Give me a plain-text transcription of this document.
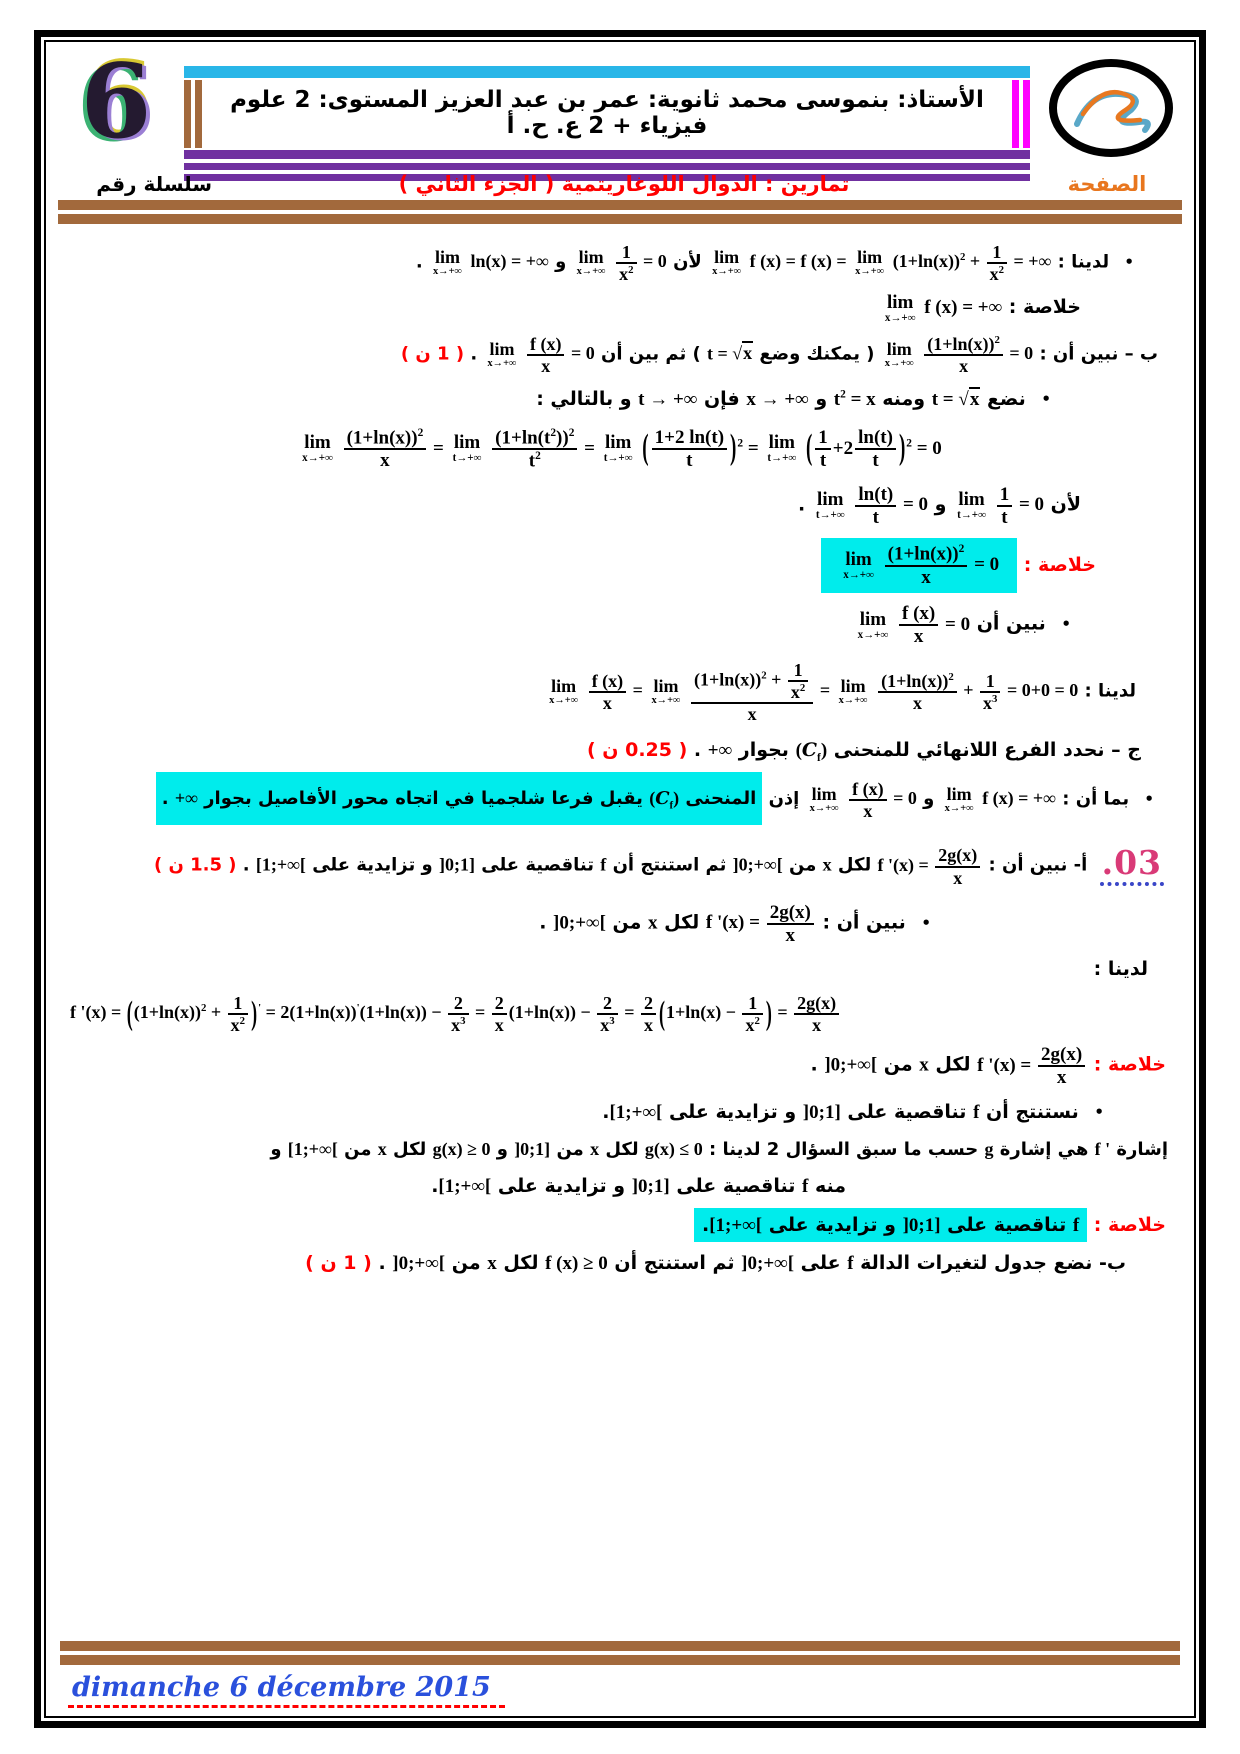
6	الأستاذ: بنموسى محمد ثانوية: عمر بن عبد العزيز المستوى: 2 علوم فيزياء + 2 ع. ح. أ
سلسلة رقم	تمارين : الدوال اللوغاريتمية ( الجزء الثاني )	الصفحة
• لدينا :
lim
x→+∞
f (x) = f (x) = lim
x→+∞
$(1+\ln(x))^2 + \frac{1}{x^2}$ = +∞ لأن
lim
x→+∞
$\frac{1}{x^2} = 0$ و
lim
x→+∞
ln(x) = +∞ .
خلاصة :
lim
x→+∞ f (x) = +∞
ب – نبين أن :
lim
x→+∞
$\frac{(1+\ln(x))^2}{x} = 0$ ( يمكنك وضع t = √x ) ثم بين أن
lim
x→+∞
$\frac{f (x)}{x} = 0$ . ( 1 ن )
• نضع t = √x ومنه $t^2 = x$ و x → +∞ فإن t → +∞ و بالتالي :
lim
x→+∞
$\frac{(1+\ln(x))^2}{x} = \lim$
t→+∞
$\frac{(1+\ln(t^2))^2}{t^2} = \lim$
t→+∞ ( $\frac{1+2 \ln(t)}{t} )^2 = \lim$
t→+∞ ( $\frac{1}{t} +2 \frac{\ln(t)}{t} )^2 = 0$
لأن
lim
t→+∞
$\frac{1}{t} = 0$ و
lim
t→+∞
$\frac{\ln(t)}{t} = 0$ .
خلاصة :
lim
x→+∞
$\frac{(1+\ln(x))^2}{x} = 0$
• نبين أن
lim
x→+∞
$\frac{f (x)}{x} = 0$
لدينا :
lim
x→+∞
$\frac{f (x)}{x} = \lim$
x→+∞
$\frac{(1+\ln(x))^2 + \frac{1}{x^2}}{x} = \lim$
x→+∞
$\frac{(1+\ln(x))^2}{x} + \frac{1}{x^3} = 0+0 = 0$
ج – نحدد الفرع اللانهائي للمنحنى $(C_f)$ بجوار +∞ . ( 0.25 ن )
• بما أن :
lim
x→+∞
f (x) = +∞ و
lim
x→+∞
$\frac{f (x)}{x} = 0$ إذن المنحنى $(C_f)$ يقبل فرعا شلجميا في اتجاه محور الأفاصيل بجوار +∞ .
.03 أ- نبين أن : f '$(x) = \frac{2g(x)}{x}$
لكل x من ]0;+∞[ ثم استنتج أن f تناقصية على ]0;1] و تزايدية على [1;+∞[ . ( 1.5 ن )
• نبين أن : f '$(x) = \frac{2g(x)}{x}$
لكل x من ]0;+∞[ .
لدينا :
f '$(x) = ((1+\ln(x))^2 + \frac{1}{x^2} )' = 2(1+\ln(x))'(1+\ln(x)) - \frac{2}{x^3} = \frac{2}{x} (1+\ln(x)) - \frac{2}{x^3} = \frac{2}{x} (1+\ln(x) - \frac{1}{x^2}$ ) = $\frac{2g(x)}{x}$
خلاصة : f '$(x) = \frac{2g(x)}{x}$
لكل x من ]0;+∞[ .
• نستنتج أن f تناقصية على ]0;1] و تزايدية على [1;+∞[.
إشارة f ' هي إشارة g حسب ما سبق السؤال 2 لدينا : g(x) ≤ 0 لكل x من ]0;1] و g(x) ≥ 0 لكل x من [1;+∞[ و
منه f تناقصية على ]0;1] و تزايدية على [1;+∞[.
خلاصة : f تناقصية على ]0;1] و تزايدية على [1;+∞[.
ب- نضع جدول لتغيرات الدالة f على ]0;+∞[ ثم استنتج أن f (x) ≥ 0 لكل x من ]0;+∞[ . ( 1 ن )
dimanche 6 décembre 2015
